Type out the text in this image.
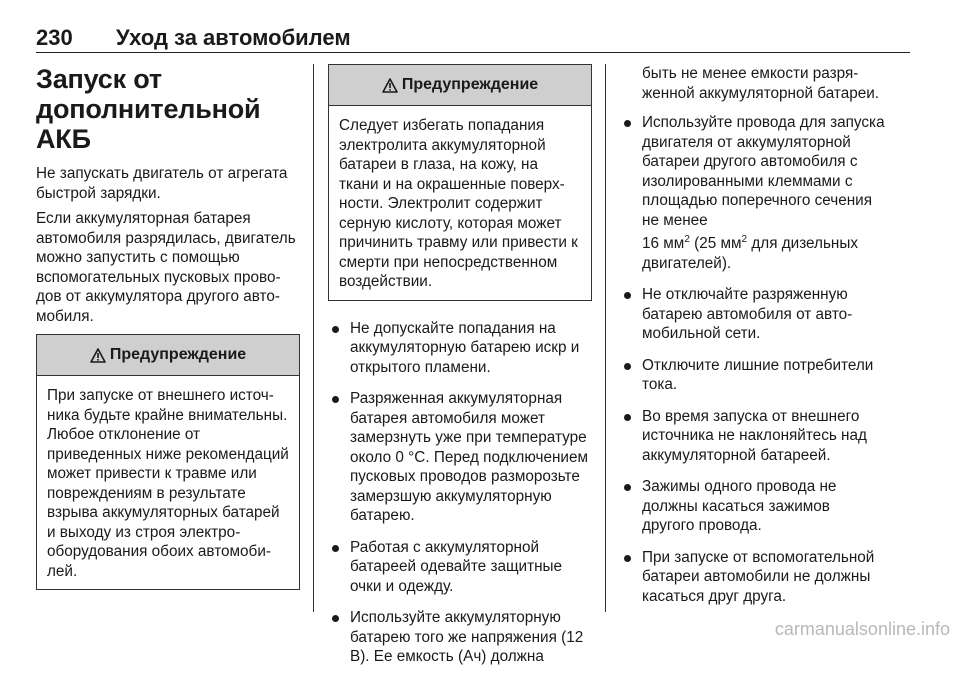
230 Уход за автомобилем
Запуск от дополнительной АКБ

Не запускать двигатель от агрегата быстрой зарядки.

Если аккумуляторная батарея автомобиля разрядилась, двигатель можно запустить с помощью вспомогательных пусковых проводов от аккумулятора другого автомобиля.

Предупреждение
При запуске от внешнего источника будьте крайне внимательны. Любое отклонение от приведенных ниже рекомендаций может привести к травме или повреждениям в результате взрыва аккумуляторных батарей и выходу из строя электрооборудования обоих автомобилей.
Предупреждение
Следует избегать попадания электролита аккумуляторной батареи в глаза, на кожу, на ткани и на окрашенные поверхности. Электролит содержит серную кислоту, которая может причинить травму или привести к смерти при непосредственном воздействии.
Не допускайте попадания на аккумуляторную батарею искр и открытого пламени.
Разряженная аккумуляторная батарея автомобиля может замерзнуть уже при температуре около 0 °C. Перед подключением пусковых проводов разморозьте замерзшую аккумуляторную батарею.
Работая с аккумуляторной батареей одевайте защитные очки и одежду.
Используйте аккумуляторную батарею того же напряжения (12 В). Ее емкость (Ач) должна
быть не менее емкости разряженной аккумуляторной батареи.
Используйте провода для запуска двигателя от аккумуляторной батареи другого автомобиля с изолированными клеммами с площадью поперечного сечения не менее
16 $мм^2$ (25 $мм^2$ для дизельных двигателей).
Не отключайте разряженную батарею автомобиля от автомобильной сети.
Отключите лишние потребители тока.
Во время запуска от внешнего источника не наклоняйтесь над аккумуляторной батареей.
Зажимы одного провода не должны касаться зажимов другого провода.
При запуске от вспомогательной батареи автомобили не должны касаться друг друга.
carmanualsonline.info
